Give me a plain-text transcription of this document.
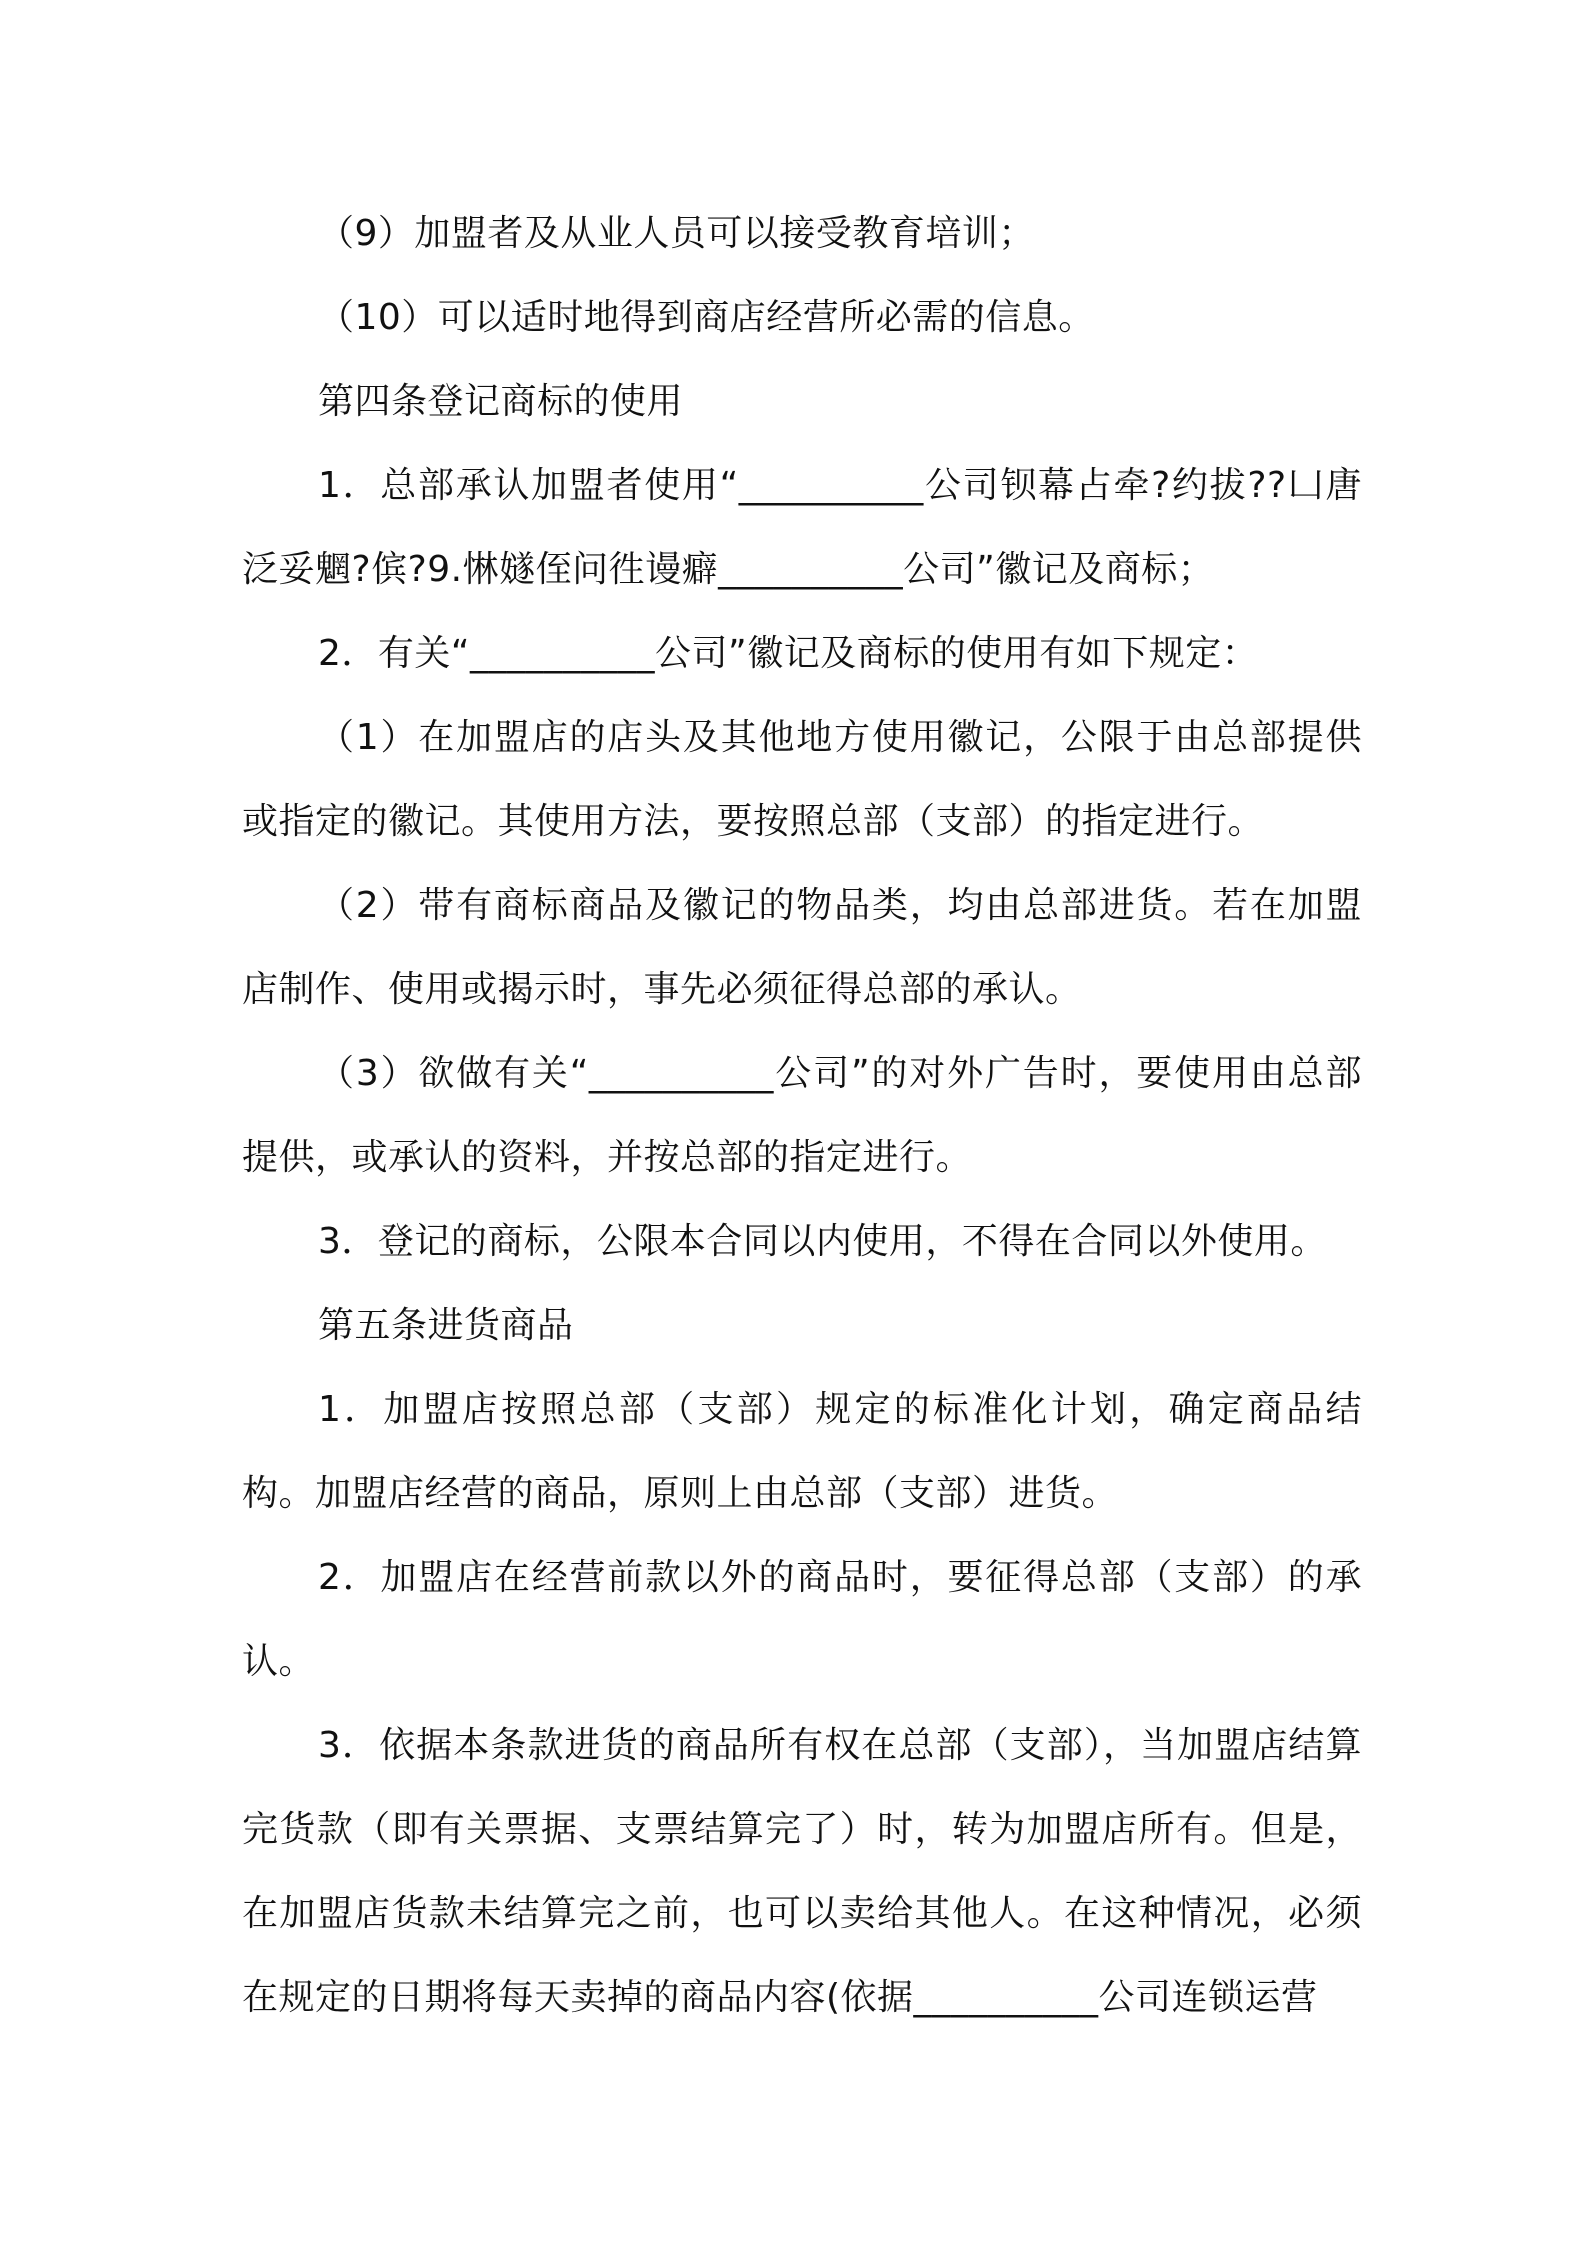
（9）加盟者及从业人员可以接受教育培训；

（10）可以适时地得到商店经营所必需的信息。

第四条登记商标的使用

1．总部承认加盟者使用“__________公司钡幕占牵?约拔??凵唐泛妥魍?傧?9.惏嬘侄问徃谩癖__________公司”徽记及商标；

2．有关“__________公司”徽记及商标的使用有如下规定：

（1）在加盟店的店头及其他地方使用徽记，公限于由总部提供或指定的徽记。其使用方法，要按照总部（支部）的指定进行。

（2）带有商标商品及徽记的物品类，均由总部进货。若在加盟店制作、使用或揭示时，事先必须征得总部的承认。

（3）欲做有关“__________公司”的对外广告时，要使用由总部提供，或承认的资料，并按总部的指定进行。

3．登记的商标，公限本合同以内使用，不得在合同以外使用。

第五条进货商品

1．加盟店按照总部（支部）规定的标准化计划，确定商品结构。加盟店经营的商品，原则上由总部（支部）进货。

2．加盟店在经营前款以外的商品时，要征得总部（支部）的承认。

3．依据本条款进货的商品所有权在总部（支部），当加盟店结算完货款（即有关票据、支票结算完了）时，转为加盟店所有。但是，在加盟店货款未结算完之前，也可以卖给其他人。在这种情况，必须在规定的日期将每天卖掉的商品内容(依据__________公司连锁运营
